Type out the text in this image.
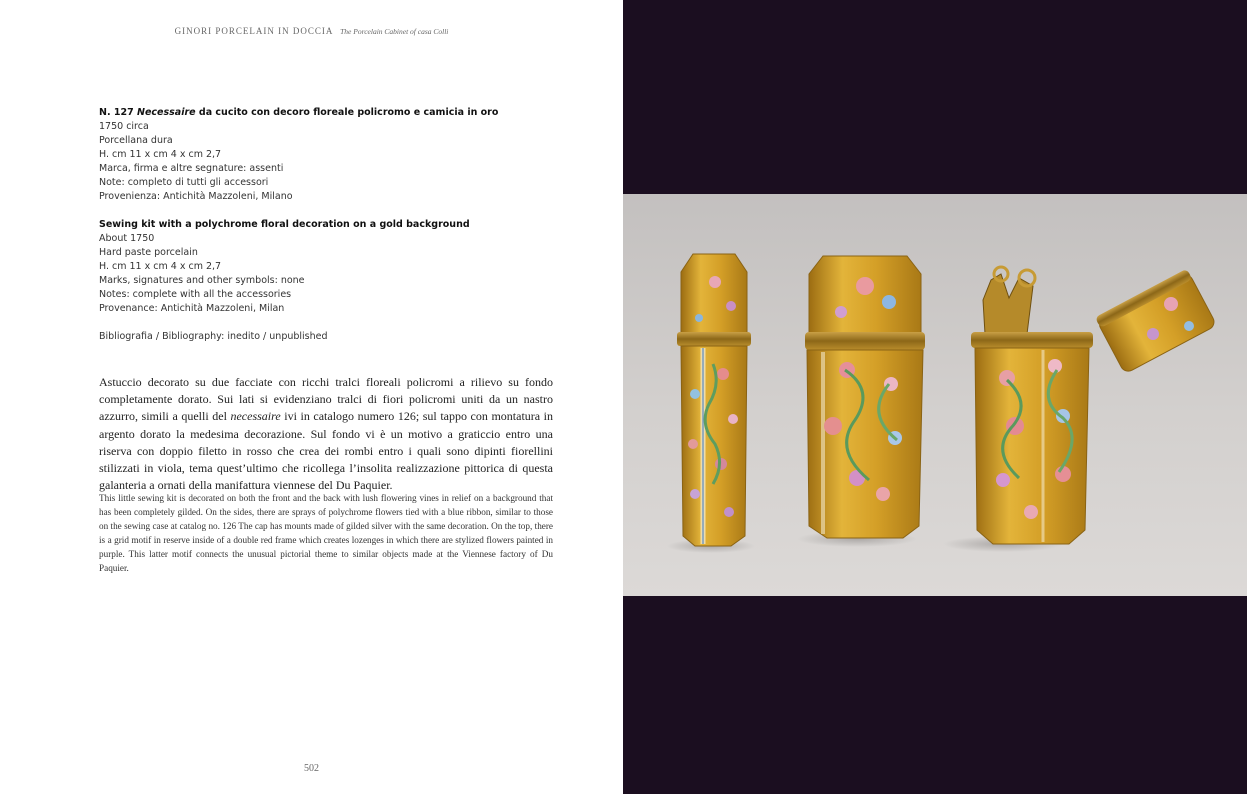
GINORI PORCELAIN IN DOCCIA The Porcelain Cabinet of casa Colli
N. 127 Necessaire da cucito con decoro floreale policromo e camicia in oro
1750 circa
Porcellana dura
H. cm 11 x cm 4 x cm 2,7
Marca, firma e altre segnature: assenti
Note: completo di tutti gli accessori
Provenienza: Antichità Mazzoleni, Milano
Sewing kit with a polychrome floral decoration on a gold background
About 1750
Hard paste porcelain
H. cm 11 x cm 4 x cm 2,7
Marks, signatures and other symbols: none
Notes: complete with all the accessories
Provenance: Antichità Mazzoleni, Milan
Bibliografia / Bibliography: inedito / unpublished

Astuccio decorato su due facciate con ricchi tralci floreali policromi a rilievo su fondo completamente dorato. Sui lati si evidenziano tralci di fiori policromi uniti da un nastro azzurro, simili a quelli del necessaire ivi in catalogo numero 126; sul tappo con montatura in argento dorato la medesima decorazione. Sul fondo vi è un motivo a graticcio entro una riserva con doppio filetto in rosso che crea dei rombi entro i quali sono dipinti fiorellini stilizzati in viola, tema quest’ultimo che ricollega l’insolita realizzazione pittorica di questa galanteria a ornati della manifattura viennese del Du Paquier.

This little sewing kit is decorated on both the front and the back with lush flowering vines in relief on a background that has been completely gilded. On the sides, there are sprays of polychrome flowers tied with a blue ribbon, similar to those on the sewing case at catalog no. 126 The cap has mounts made of gilded silver with the same decoration. On the top, there is a grid motif in reserve inside of a double red frame which creates lozenges in which there are stylized flowers painted in purple. This latter motif connects the unusual pictorial theme to similar objects made at the Viennese factory of Du Paquier.

502
